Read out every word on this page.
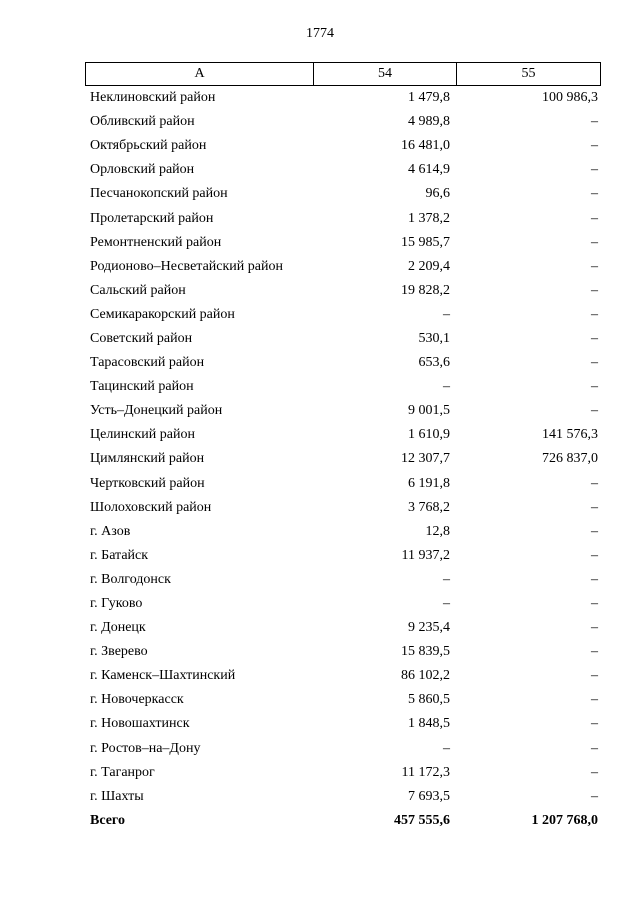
1774
А	54	55
Неклиновский район	1 479,8	100 986,3
Обливский район	4 989,8	–
Октябрьский район	16 481,0	–
Орловский район	4 614,9	–
Песчанокопский район	96,6	–
Пролетарский район	1 378,2	–
Ремонтненский район	15 985,7	–
Родионово–Несветайский район	2 209,4	–
Сальский район	19 828,2	–
Семикаракорский район	–	–
Советский район	530,1	–
Тарасовский район	653,6	–
Тацинский район	–	–
Усть–Донецкий район	9 001,5	–
Целинский район	1 610,9	141 576,3
Цимлянский район	12 307,7	726 837,0
Чертковский район	6 191,8	–
Шолоховский район	3 768,2	–
г. Азов	12,8	–
г. Батайск	11 937,2	–
г. Волгодонск	–	–
г. Гуково	–	–
г. Донецк	9 235,4	–
г. Зверево	15 839,5	–
г. Каменск–Шахтинский	86 102,2	–
г. Новочеркасск	5 860,5	–
г. Новошахтинск	1 848,5	–
г. Ростов–на–Дону	–	–
г. Таганрог	11 172,3	–
г. Шахты	7 693,5	–
Всего	457 555,6	1 207 768,0
